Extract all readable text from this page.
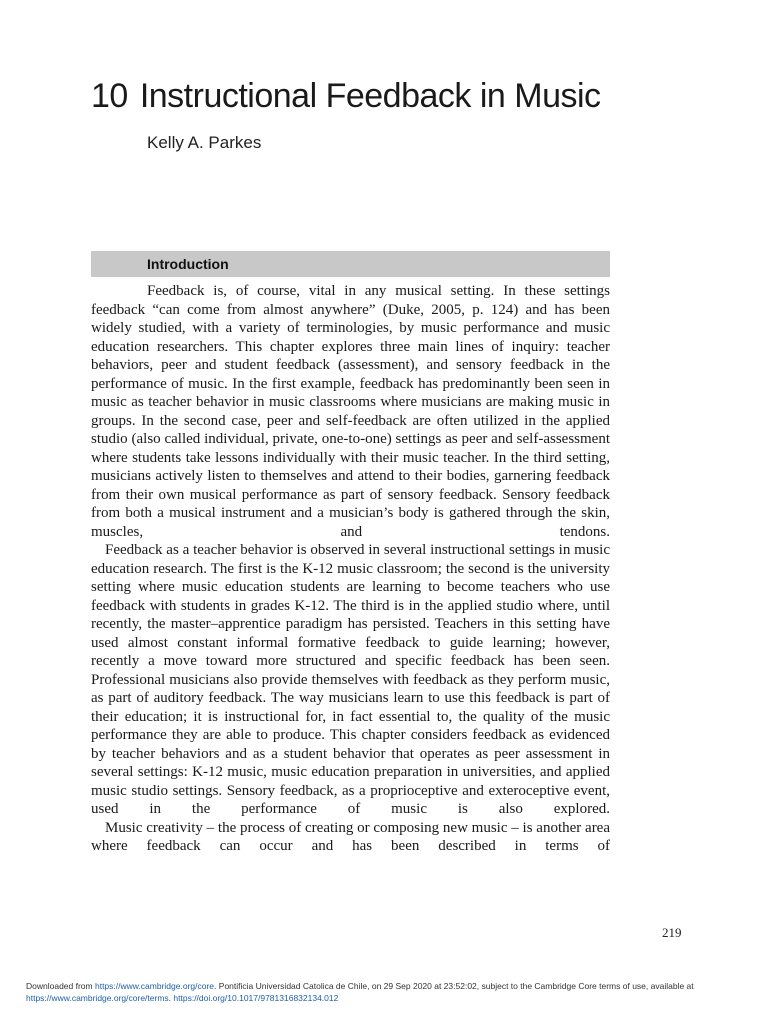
10 Instructional Feedback in Music
Kelly A. Parkes
Introduction

Feedback is, of course, vital in any musical setting. In these settings feedback “can come from almost anywhere” (Duke, 2005, p. 124) and has been widely studied, with a variety of terminologies, by music performance and music education researchers. This chapter explores three main lines of inquiry: teacher behaviors, peer and student feedback (assessment), and sensory feedback in the performance of music. In the first example, feedback has predominantly been seen in music as teacher behavior in music classrooms where musicians are making music in groups. In the second case, peer and self-feedback are often utilized in the applied studio (also called individual, private, one-to-one) settings as peer and self-assessment where students take lessons individually with their music teacher. In the third setting, musicians actively listen to themselves and attend to their bodies, garnering feedback from their own musical performance as part of sensory feedback. Sensory feedback from both a musical instrument and a musician’s body is gathered through the skin, muscles, and tendons.

Feedback as a teacher behavior is observed in several instructional settings in music education research. The first is the K-12 music classroom; the second is the university setting where music education students are learning to become teachers who use feedback with students in grades K-12. The third is in the applied studio where, until recently, the master–apprentice paradigm has persisted. Teachers in this setting have used almost constant informal formative feedback to guide learning; however, recently a move toward more structured and specific feedback has been seen. Professional musicians also provide themselves with feedback as they perform music, as part of auditory feedback. The way musicians learn to use this feedback is part of their education; it is instructional for, in fact essential to, the quality of the music performance they are able to produce. This chapter considers feedback as evidenced by teacher behaviors and as a student behavior that operates as peer assessment in several settings: K-12 music, music education preparation in universities, and applied music studio settings. Sensory feedback, as a proprioceptive and exteroceptive event, used in the performance of music is also explored.

Music creativity – the process of creating or composing new music – is another area where feedback can occur and has been described in terms of

219
Downloaded from https://www.cambridge.org/core. Pontificia Universidad Catolica de Chile, on 29 Sep 2020 at 23:52:02, subject to the Cambridge Core terms of use, available at https://www.cambridge.org/core/terms. https://doi.org/10.1017/9781316832134.012
